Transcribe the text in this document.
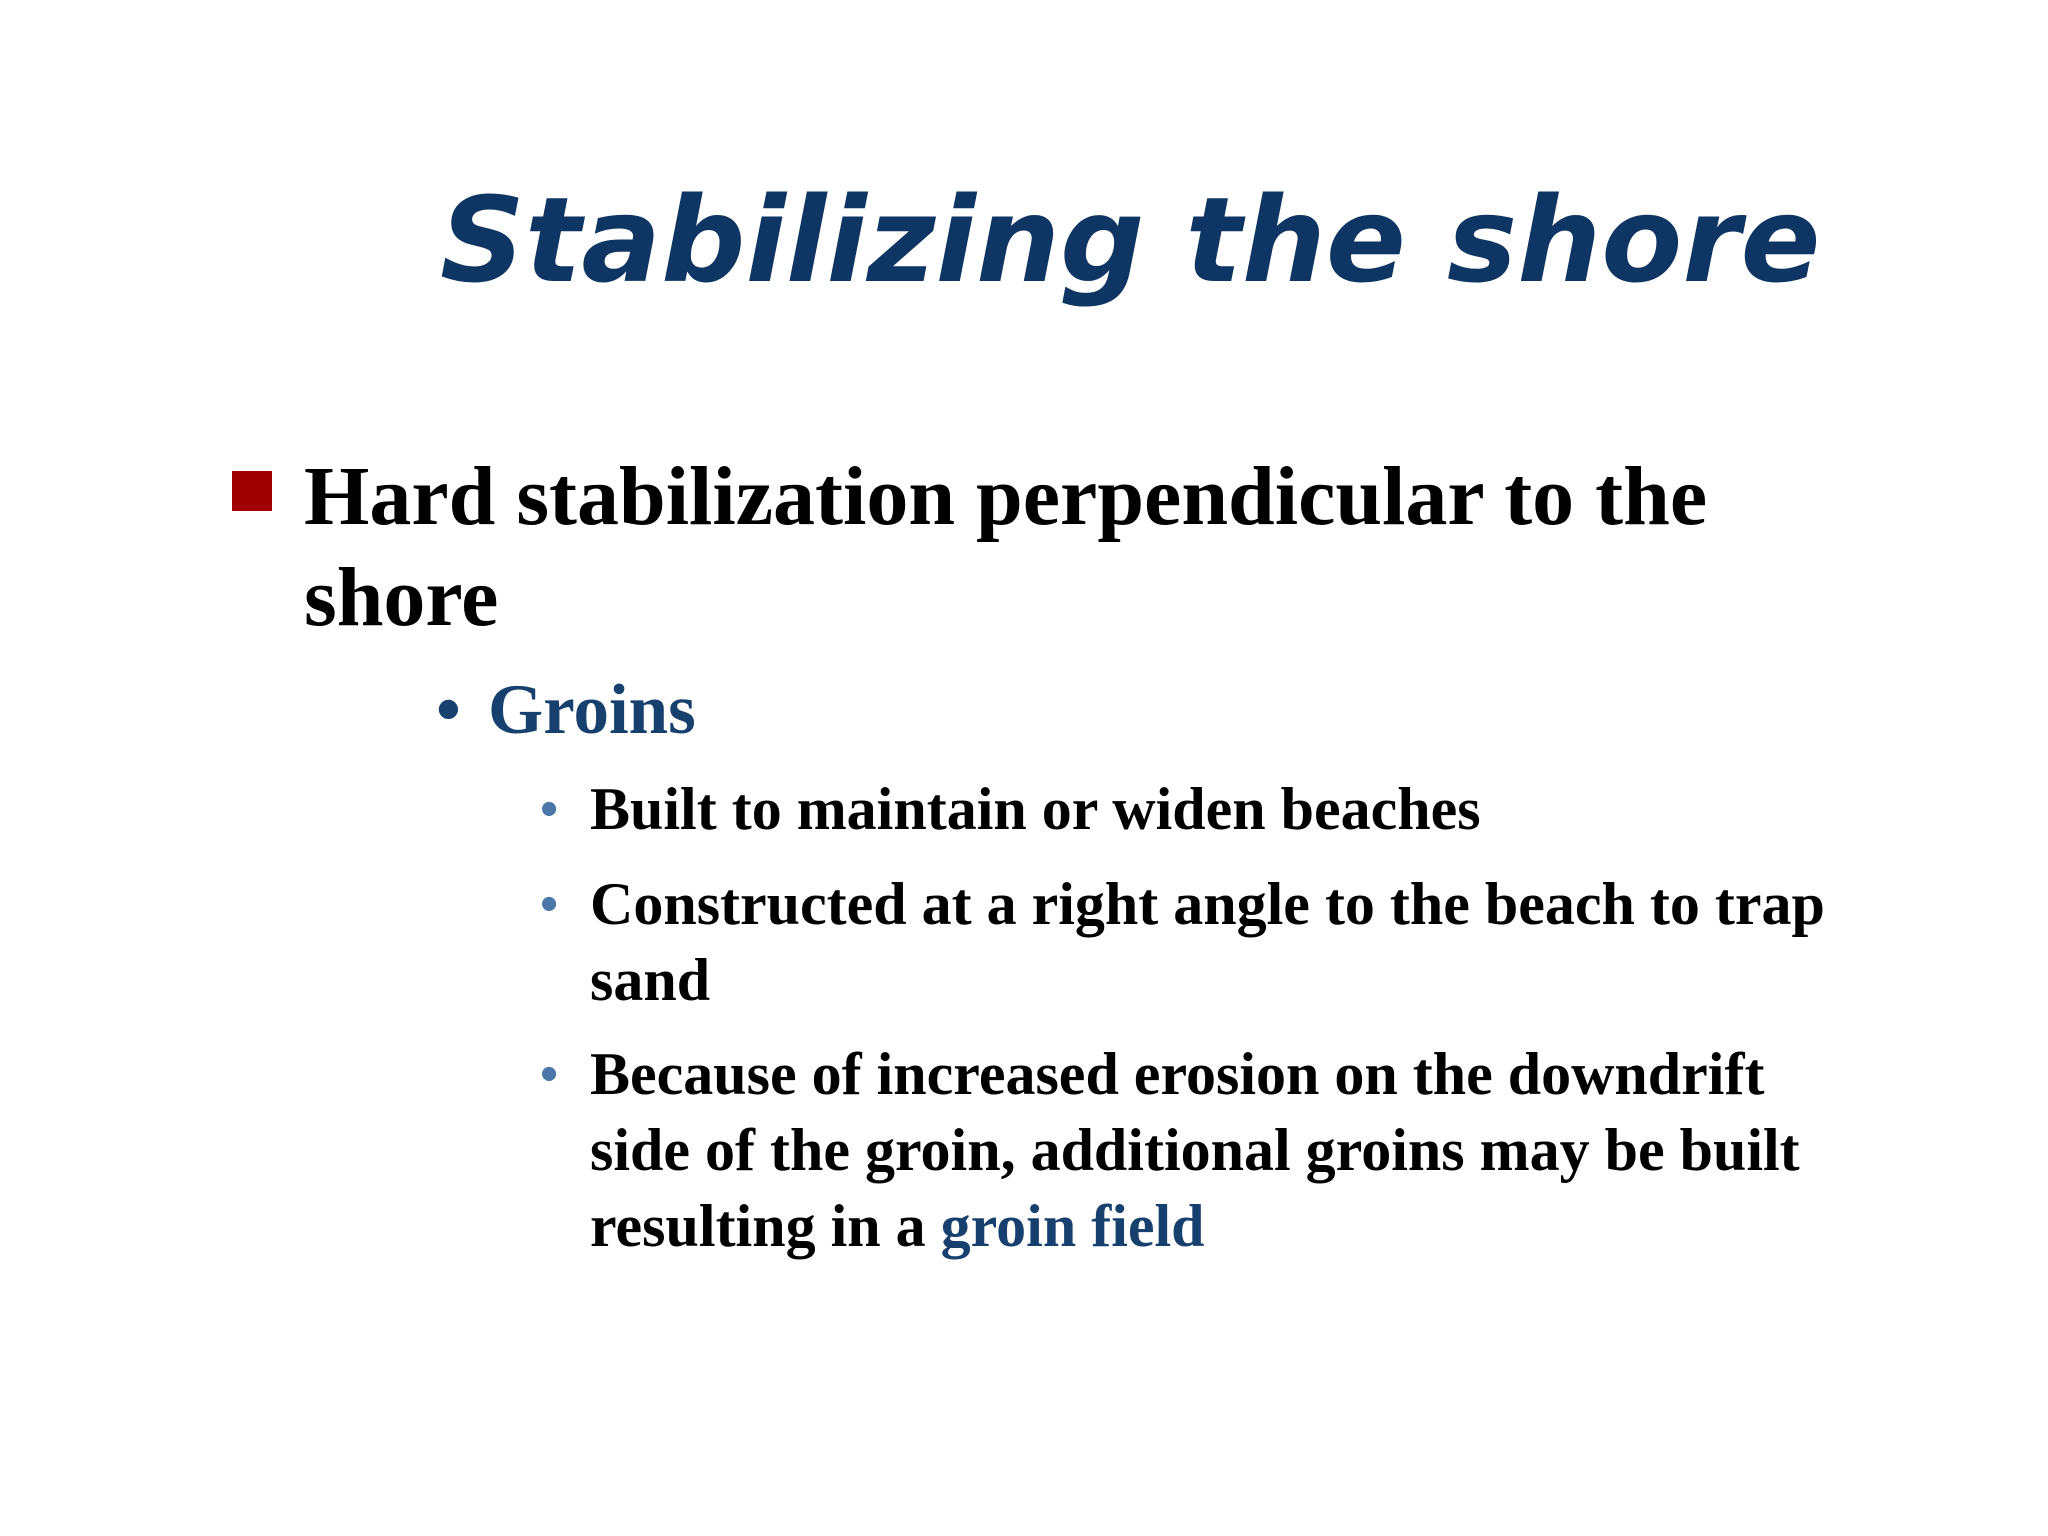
Stabilizing the shore
Hard stabilization perpendicular to the
shore
• Groins
• Built to maintain or widen beaches
• Constructed at a right angle to the beach to trap
sand
• Because of increased erosion on the downdrift
side of the groin, additional groins may be built
resulting in a groin field
